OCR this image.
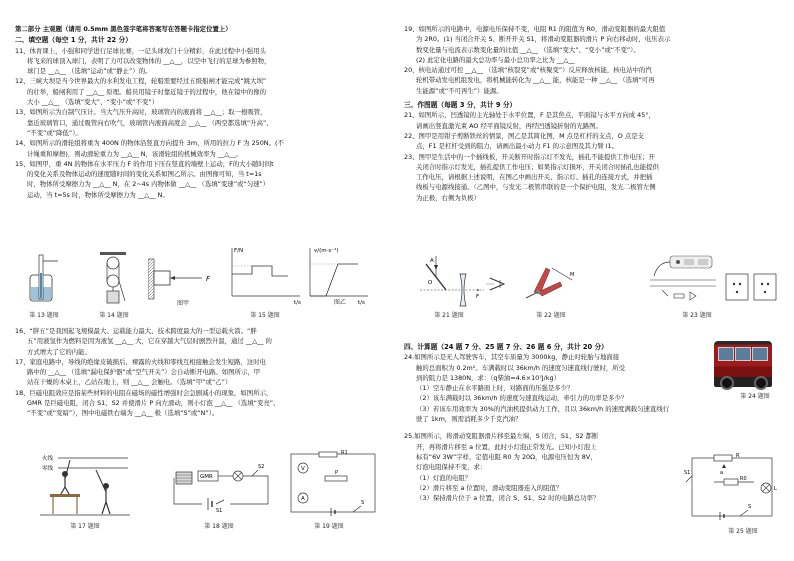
第二部分 主观题（请用 0.5mm 黑色签字笔将答案写在答题卡指定位置上）
二、填空题（每空 1 分，共计 22 分）
11、体育课上，小强和同学进行足球比赛，一记头球攻门十分精彩，在此过程中小强用头
将飞来的球顶入球门，表明了力可以改变物体的 __△__，以空中飞行的足球为参照物，
球门是 __△__ （选填“运动”或“静止”）的。
12、三峡大坝是当今世界最大的水利发电工程，轮船需要经过五级船闸才能完成“跳大坝”
的壮举，船闸利用了 __△__ 原理。船员用镜子时靠近镜子的过程中，他在镜中的像的
大小 __△__ （选填“变大”、“变小”或“不变”）
13、如图所示为自制气压计。当大气压升高时，玻璃管内的液面将 __△__；取一根吸管，
靠近玻璃管口，通过吸管向右吹气，玻璃管内液面高度会 __△__ （两空都选填“升高”、
“不变”或“降低”）。
14、如图所示的滑轮组将重为 400N 的物体沿竖直方向提升 3m，所用的拉力 F 为 250N。(不
计绳重和摩擦)，则动滑轮重力为 __△__ N，该滑轮组的机械效率为 __△__。
15、如图甲，重 4N 的物体在水平压力 F 的作用下压在竖直的墙壁上运动，F的大小随时间t
的变化关系及物体运动的速度随时间的变化关系如图乙所示。由图像可知，当 t=1s
时，物体所受摩擦力为 __△__ N，在 2~4s 内物体做 __△__ （选填“变速”或“匀速”）
运动，当 t=5s 时，物体所受摩擦力为 __△__ N。
第 13 题图	第 14 题图
F
图甲
F/N
t/s
v/(m·s⁻¹)
t/s
图乙
第 15 题图
16、“胖五”是我国起飞规模最大、运载能力最大、技术跨度最大的一型运载火箭。“胖
五”用液氢作为燃料是因为液氢 __△__ 大，它在穿越大气层时剧烈升温，通过 __△__ 的
方式增大了它的内能。
17、家庭电路中，导线的绝缘皮破损后，裸露的火线和零线互相接触会发生短路，这时电
路中的 __△__ （选填“漏电保护器”或“空气开关”）会自动断开电路。如图所示，甲
站在干燥的木桌上，乙站在地上，则 __△__ 会触电。（选填“甲”或“乙”）
18、巨磁电阻效应是指某些材料的电阻在磁场的磁性增强时会急剧减小的现象，如图所示，
GMR 是巨磁电阻，闭合 S1、S2 并使滑片 P 向左滑动，则小灯泡 __△__ （选填“变亮”、
“不变”或“变暗”），图中电磁铁右端为 __△__ 极（选填“S”或“N”）。
火线
零线
第 17 题图
GMR
S1
S2
第 18 题图
V
R1
P
A
S
第 19 题图
19、如图所示的电路中，电源电压保持不变，电阻 R1 的阻值为 R0，滑动变阻器的最大阻值
为 2R0。(1) 当闭合开关 S、断开开关 S1，将滑动变阻器的滑片 P 向右移动时，电压表示
数变化量与电流表示数变化量的比值 __△__ （选填“变大”、“变小”或“不变”）。
(2) 此定化电路的最大总功率与最小总功率之比为 __△__
20、核电站通过可控 __△__ （选填“核裂变”或“核聚变”）反应释放核能，核电站中的汽
轮机带动发电机组发电，将机械能转化为 __△__ 能，核能是一种 __△__ （选填“可再
生能源”或“不可再生”）能源。
三、作图题（每题 3 分，共计 9 分）
21、如图所示，凹透镜的主光轴处于水平位置，F 是其焦点，平面镜与水平方向成 45°，
请画出竖直激光束 AO 经平面镜反射，再经凹透镜折射的光路图。
22、图甲是用钳子剪断铁丝的情景，图乙是其简化图，M 点是杠杆的支点，O 点是支
点，F1 是杠杆受到的阻力，请画出最小动力 F1 的示意图及其力臂 l1。
23、图甲是生活中的一个插线板，开关断开时指示灯不发光，插孔不能提供工作电压；开
关闭合时指示灯发光，插孔提供工作电压；如果指示灯损坏，开关闭合时插孔也能提供
工作电压，请根据上述说明，在图乙中画出开关、指示灯、插孔的连接方式，并把插
线板与电源线接通。（乙图中，与发光二极管串联的是一个保护电阻，发光二极管左侧
为正极，右侧为负极）
A
O
F
第 21 题图
M
第 22 题图	第 23 题图
四、计算题（24 题 7 分、25 题 7 分、26 题 6 分，共计 20 分）
24.如图所示是无人驾驶客车，其空车质量为 3000kg，静止时轮胎与地面接
触的总面积为 0.2m²。车满载时以 36km/h 的速度匀速直线行驶时，所受
到的阻力是 1380N，求：（q柴油=4.6×10⁷J/kg）
（1）空车静止在水平路面上时，对路面的压强是多少？
（2）该车满载时以 36km/h 的速度匀速直线运动，牵引力的功率是多少？
（3）若该车用效率为 30%的汽油机提供动力工作，且以 36km/h 的速度满载匀速直线行
驶了 1km，则需消耗多少千克汽油？
25.如图所示，将滑动变阻器滑片移至最左端，S 闭合，S1、S2 都断
开，再将滑片移至 a 位置，此时小灯泡正常发光。已知小灯泡上
标有“6V 3W”字样，定值电阻 R0 为 20Ω，电源电压恒为 8V，
灯泡电阻保持不变，求：
（1）灯泡的电阻？
（2）滑片移至 a 位置时，滑动变阻器连入的阻值？
（3）保持滑片位于 a 位置，闭合 S、S1、S2 时的电路总功率？
第 24 题图
R
a
R0
L
S1
S
第 25 题图
